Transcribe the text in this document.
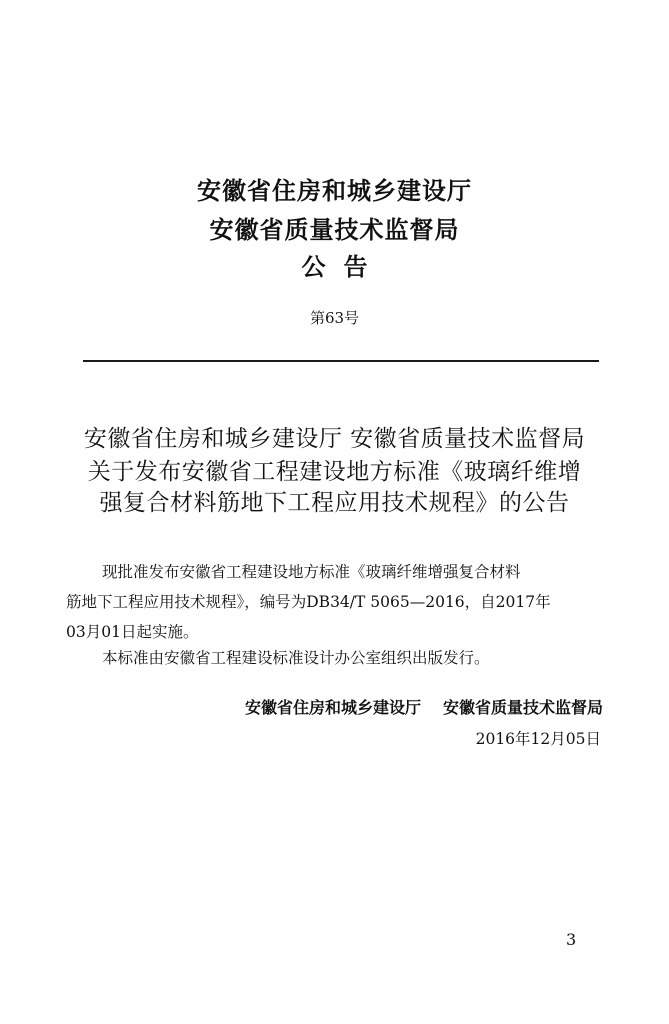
安徽省住房和城乡建设厅
安徽省质量技术监督局
公告
第63号
安徽省住房和城乡建设厅 安徽省质量技术监督局
关于发布安徽省工程建设地方标准《玻璃纤维增
强复合材料筋地下工程应用技术规程》的公告
现批准发布安徽省工程建设地方标准《玻璃纤维增强复合材料
筋地下工程应用技术规程》，编号为DB34/T 5065—2016，自2017年
03月01日起实施。
本标准由安徽省工程建设标准设计办公室组织出版发行。
安徽省住房和城乡建设厅 安徽省质量技术监督局
2016年12月05日
3
